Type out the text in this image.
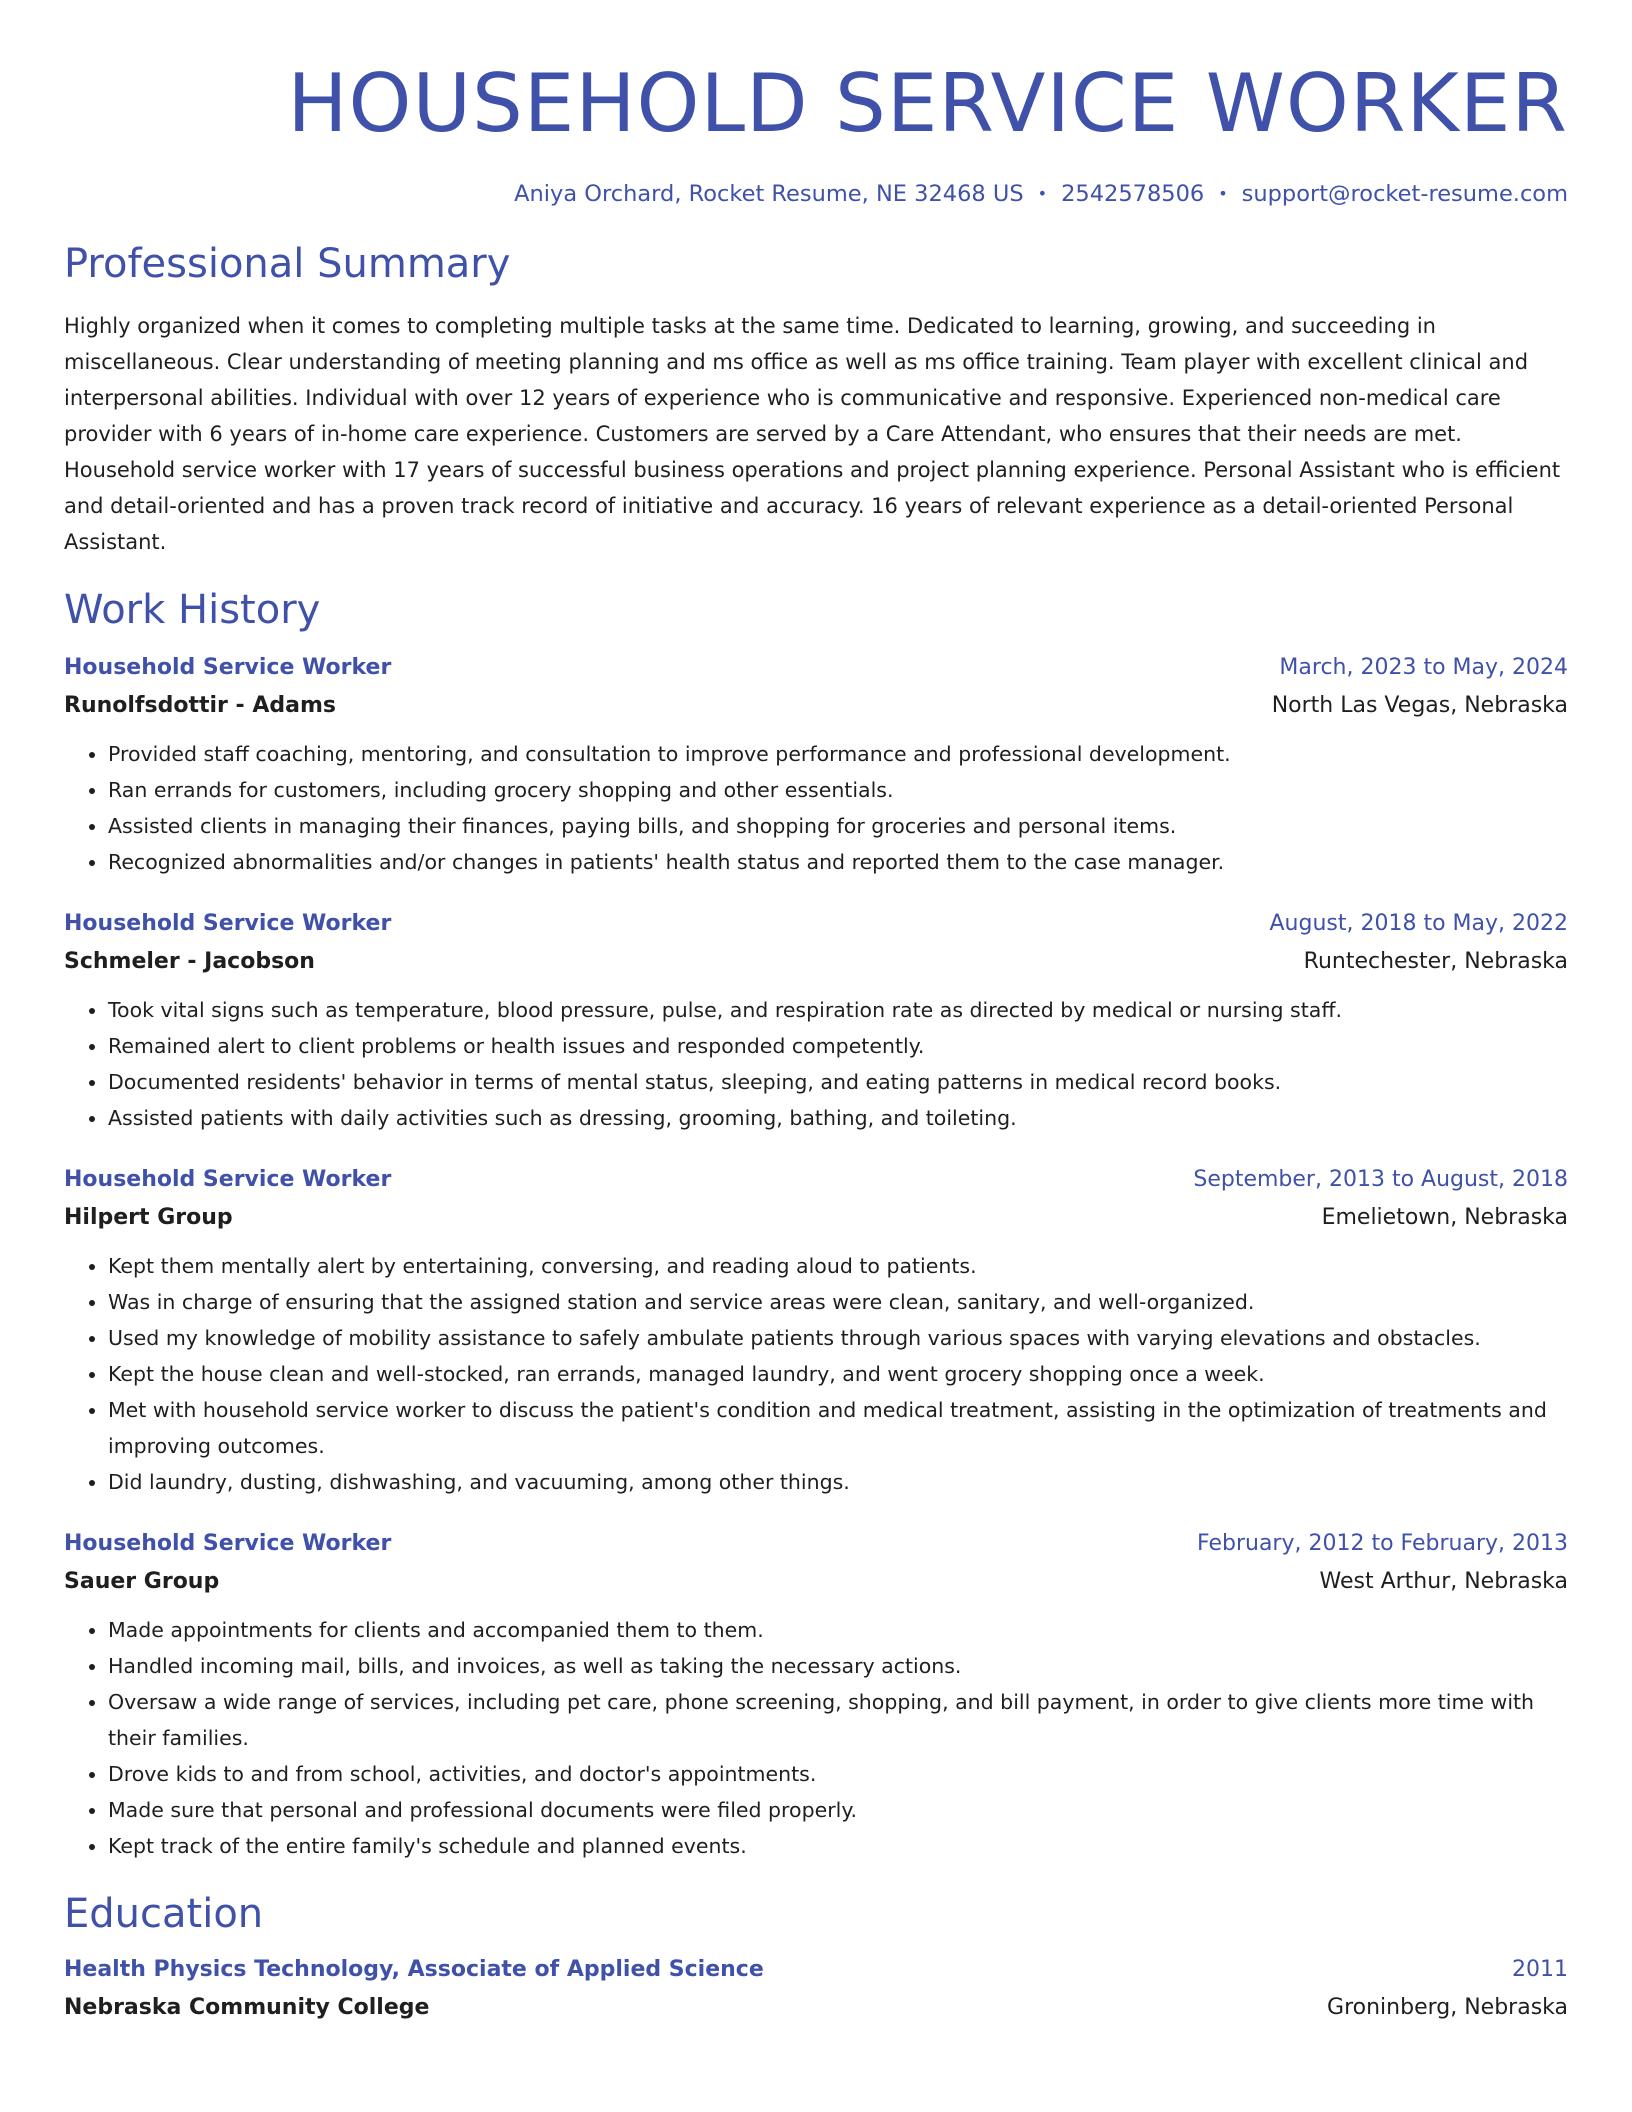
HOUSEHOLD SERVICE WORKER
Aniya Orchard, Rocket Resume, NE 32468 US • 2542578506 • support@rocket-resume.com
Professional Summary
Highly organized when it comes to completing multiple tasks at the same time. Dedicated to learning, growing, and succeeding in miscellaneous. Clear understanding of meeting planning and ms office as well as ms office training. Team player with excellent clinical and interpersonal abilities. Individual with over 12 years of experience who is communicative and responsive. Experienced non-medical care provider with 6 years of in-home care experience. Customers are served by a Care Attendant, who ensures that their needs are met. Household service worker with 17 years of successful business operations and project planning experience. Personal Assistant who is efficient and detail-oriented and has a proven track record of initiative and accuracy. 16 years of relevant experience as a detail-oriented Personal Assistant.
Work History
Household Service Worker	March, 2023 to May, 2024
Runolfsdottir - Adams	North Las Vegas, Nebraska
• Provided staff coaching, mentoring, and consultation to improve performance and professional development.
• Ran errands for customers, including grocery shopping and other essentials.
• Assisted clients in managing their finances, paying bills, and shopping for groceries and personal items.
• Recognized abnormalities and/or changes in patients' health status and reported them to the case manager.
Household Service Worker	August, 2018 to May, 2022
Schmeler - Jacobson	Runtechester, Nebraska
• Took vital signs such as temperature, blood pressure, pulse, and respiration rate as directed by medical or nursing staff.
• Remained alert to client problems or health issues and responded competently.
• Documented residents' behavior in terms of mental status, sleeping, and eating patterns in medical record books.
• Assisted patients with daily activities such as dressing, grooming, bathing, and toileting.
Household Service Worker	September, 2013 to August, 2018
Hilpert Group	Emelietown, Nebraska
• Kept them mentally alert by entertaining, conversing, and reading aloud to patients.
• Was in charge of ensuring that the assigned station and service areas were clean, sanitary, and well-organized.
• Used my knowledge of mobility assistance to safely ambulate patients through various spaces with varying elevations and obstacles.
• Kept the house clean and well-stocked, ran errands, managed laundry, and went grocery shopping once a week.
• Met with household service worker to discuss the patient's condition and medical treatment, assisting in the optimization of treatments and improving outcomes.
• Did laundry, dusting, dishwashing, and vacuuming, among other things.
Household Service Worker	February, 2012 to February, 2013
Sauer Group	West Arthur, Nebraska
• Made appointments for clients and accompanied them to them.
• Handled incoming mail, bills, and invoices, as well as taking the necessary actions.
• Oversaw a wide range of services, including pet care, phone screening, shopping, and bill payment, in order to give clients more time with their families.
• Drove kids to and from school, activities, and doctor's appointments.
• Made sure that personal and professional documents were filed properly.
• Kept track of the entire family's schedule and planned events.
Education
Health Physics Technology, Associate of Applied Science	2011
Nebraska Community College	Groninberg, Nebraska
